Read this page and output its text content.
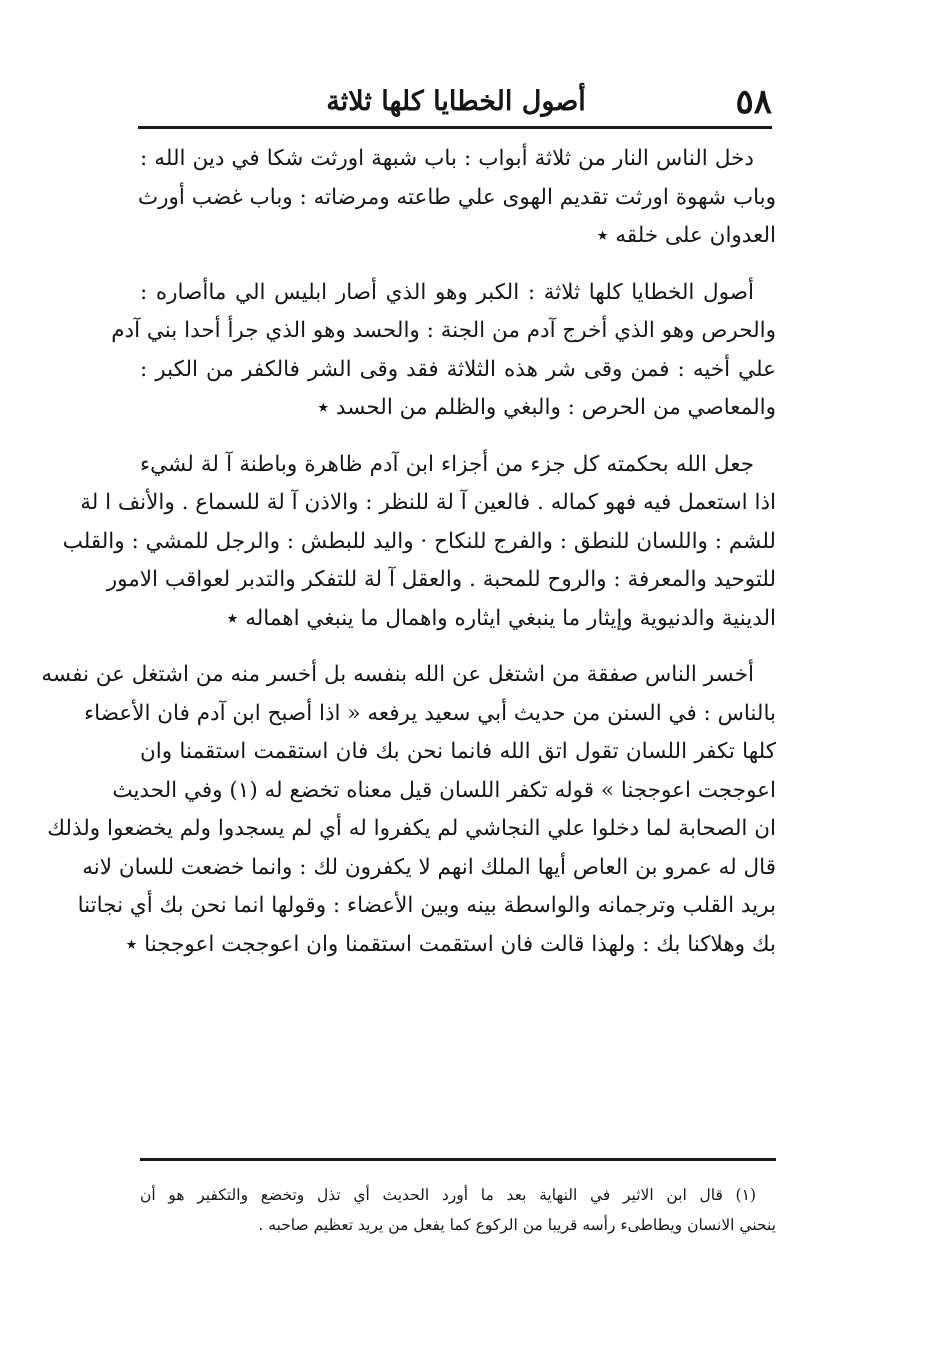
٥٨
أصول الخطايا كلها ثلاثة
دخل الناس النار من ثلاثة أبواب : باب شبهة اورثت شكا في دين الله :
وباب شهوة اورثت تقديم الهوى علي طاعته ومرضاته : وباب غضب أورث
العدوان على خلقه ٭
أصول الخطايا كلها ثلاثة : الكبر وهو الذي أصار ابليس الي ماأصاره :
والحرص وهو الذي أخرج آدم من الجنة : والحسد وهو الذي جرأ أحدا بني آدم
علي أخيه : فمن وقى شر هذه الثلاثة فقد وقى الشر فالكفر من الكبر :
والمعاصي من الحرص : والبغي والظلم من الحسد ٭
جعل الله بحكمته كل جزء من أجزاء ابن آدم ظاهرة وباطنة آ لة لشيء
اذا استعمل فيه فهو كماله . فالعين آ لة للنظر : والاذن آ لة للسماع . والأنف ا لة
للشم : واللسان للنطق : والفرج للنكاح · واليد للبطش : والرجل للمشي : والقلب
للتوحيد والمعرفة : والروح للمحبة . والعقل آ لة للتفكر والتدبر لعواقب الامور
الدينية والدنيوية وإيثار ما ينبغي ايثاره واهمال ما ينبغي اهماله ٭
أخسر الناس صفقة من اشتغل عن الله بنفسه بل أخسر منه من اشتغل عن نفسه
بالناس : في السنن من حديث أبي سعيد يرفعه « اذا أصبح ابن آدم فان الأعضاء
كلها تكفر اللسان تقول اتق الله فانما نحن بك فان استقمت استقمنا وان
اعوججت اعوججنا » قوله تكفر اللسان قيل معناه تخضع له (١) وفي الحديث
ان الصحابة لما دخلوا علي النجاشي لم يكفروا له أي لم يسجدوا ولم يخضعوا ولذلك
قال له عمرو بن العاص أيها الملك انهم لا يكفرون لك : وانما خضعت للسان لانه
بريد القلب وترجمانه والواسطة بينه وبين الأعضاء : وقولها انما نحن بك أي نجاتنا
بك وهلاكنا بك : ولهذا قالت فان استقمت استقمنا وان اعوججت اعوججنا ٭
(١) قال ابن الاثير في النهاية بعد ما أورد الحديث أي تذل وتخضع والتكفير هو أن
ينحني الانسان ويطاطىء رأسه قريبا من الركوع كما يفعل من يريد تعظيم صاحبه .
